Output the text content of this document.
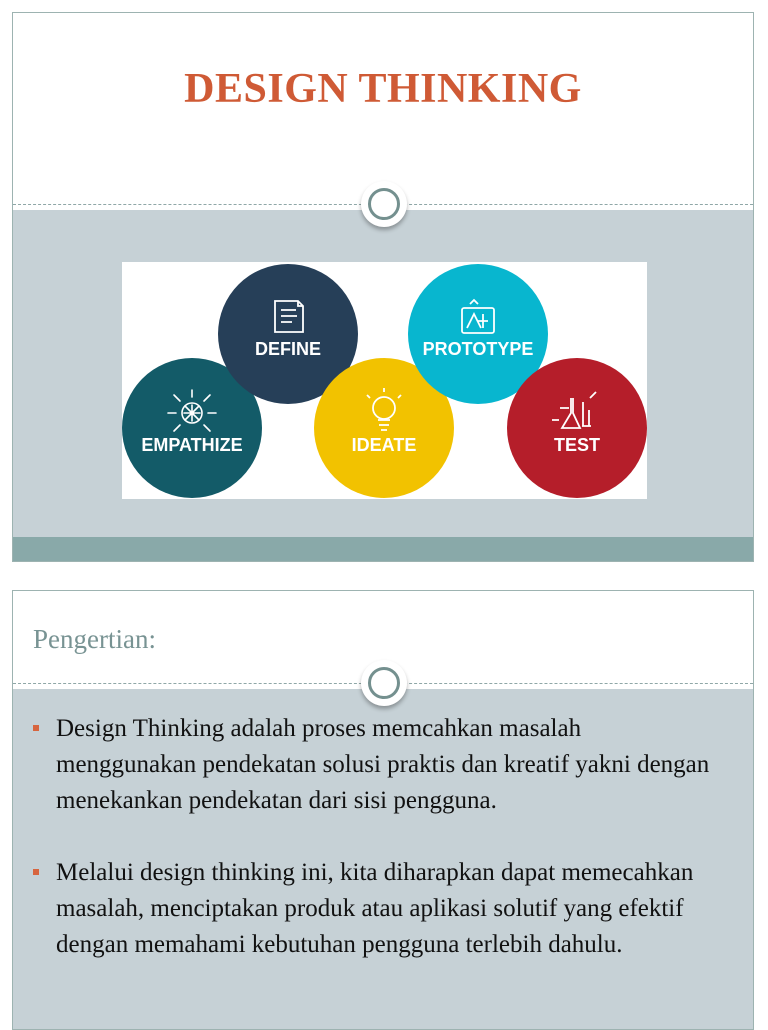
DESIGN THINKING
EMPATHIZE
DEFINE
IDEATE
PROTOTYPE
TEST
Pengertian:
Design Thinking adalah proses memcahkan masalah menggunakan pendekatan solusi praktis dan kreatif yakni dengan menekankan pendekatan dari sisi pengguna.
Melalui design thinking ini, kita diharapkan dapat memecahkan masalah, menciptakan produk atau aplikasi solutif yang efektif dengan memahami kebutuhan pengguna terlebih dahulu.
